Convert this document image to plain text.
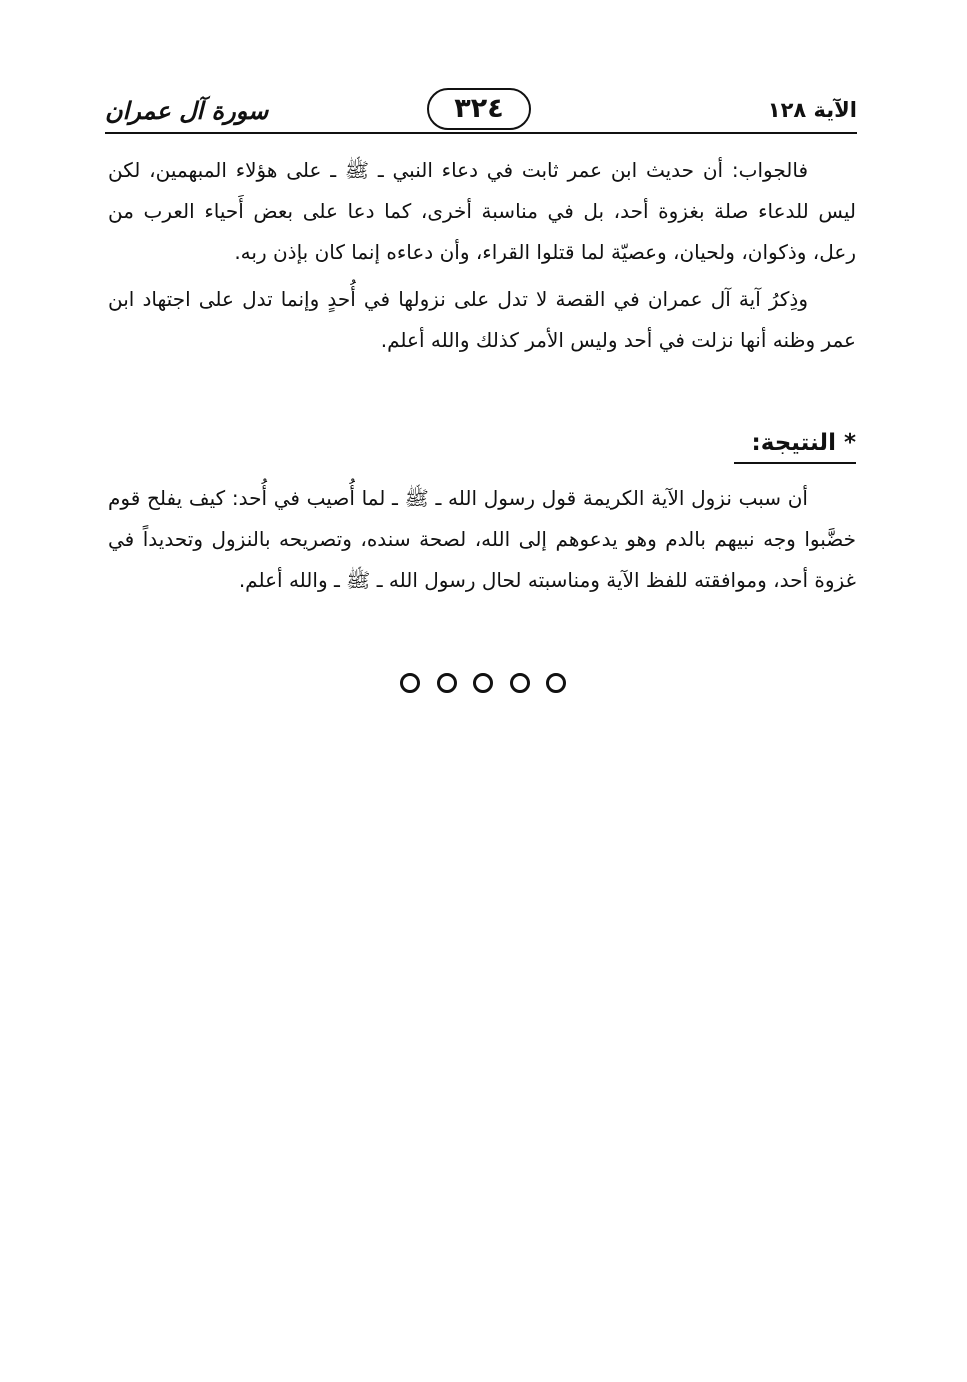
سورة آل عمران	٣٢٤	الآية ١٢٨

فالجواب: أن حديث ابن عمر ثابت في دعاء النبي ـ ﷺ ـ على هؤلاء المبهمين، لكن ليس للدعاء صلة بغزوة أحد، بل في مناسبة أخرى، كما دعا على بعض أَحياء العرب من رعل، وذكوان، ولحيان، وعصيّة لما قتلوا القراء، وأن دعاءه إنما كان بإذن ربه.

وذِكرُ آية آل عمران في القصة لا تدل على نزولها في أُحدٍ وإنما تدل على اجتهاد ابن عمر وظنه أنها نزلت في أحد وليس الأمر كذلك والله أعلم.

* النتيجة:

أن سبب نزول الآية الكريمة قول رسول الله ـ ﷺ ـ لما أُصيب في أُحد: كيف يفلح قوم خضَّبوا وجه نبيهم بالدم وهو يدعوهم إلى الله، لصحة سنده، وتصريحه بالنزول وتحديداً في غزوة أحد، وموافقته للفظ الآية ومناسبته لحال رسول الله ـ ﷺ ـ والله أعلم.
